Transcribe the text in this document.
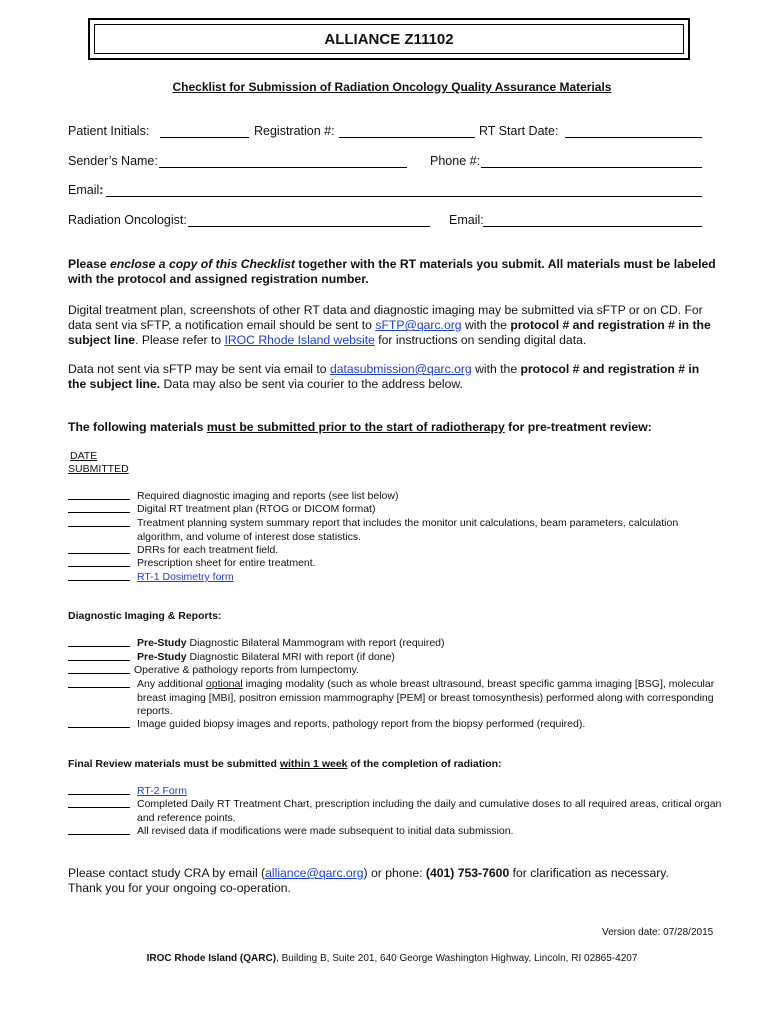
ALLIANCE Z11102
Checklist for Submission of Radiation Oncology Quality Assurance Materials
Patient Initials:	Registration #:	RT Start Date:
Sender’s Name:	Phone #:
Email:
Radiation Oncologist:	Email:
Please enclose a copy of this Checklist together with the RT materials you submit. All materials must be labeled with the protocol and assigned registration number.
Digital treatment plan, screenshots of other RT data and diagnostic imaging may be submitted via sFTP or on CD. For data sent via sFTP, a notification email should be sent to sFTP@qarc.org with the protocol # and registration # in the subject line. Please refer to IROC Rhode Island website for instructions on sending digital data.
Data not sent via sFTP may be sent via email to datasubmission@qarc.org with the protocol # and registration # in the subject line. Data may also be sent via courier to the address below.
The following materials must be submitted prior to the start of radiotherapy for pre-treatment review:
DATE
SUBMITTED
Required diagnostic imaging and reports (see list below)
Digital RT treatment plan (RTOG or DICOM format)
Treatment planning system summary report that includes the monitor unit calculations, beam parameters, calculation algorithm, and volume of interest dose statistics.
DRRs for each treatment field.
Prescription sheet for entire treatment.
RT-1 Dosimetry form
Diagnostic Imaging & Reports:
Pre-Study Diagnostic Bilateral Mammogram with report (required)
Pre-Study Diagnostic Bilateral MRI with report (if done)
Operative & pathology reports from lumpectomy.
Any additional optional imaging modality (such as whole breast ultrasound, breast specific gamma imaging [BSG], molecular breast imaging [MBI], positron emission mammography [PEM] or breast tomosynthesis) performed along with corresponding reports.
Image guided biopsy images and reports, pathology report from the biopsy performed (required).
Final Review materials must be submitted within 1 week of the completion of radiation:
RT-2 Form
Completed Daily RT Treatment Chart, prescription including the daily and cumulative doses to all required areas, critical organ and reference points.
All revised data if modifications were made subsequent to initial data submission.
Please contact study CRA by email (alliance@qarc.org) or phone: (401) 753-7600 for clarification as necessary.
Thank you for your ongoing co-operation.
Version date: 07/28/2015
IROC Rhode Island (QARC), Building B, Suite 201, 640 George Washington Highway, Lincoln, RI 02865-4207
